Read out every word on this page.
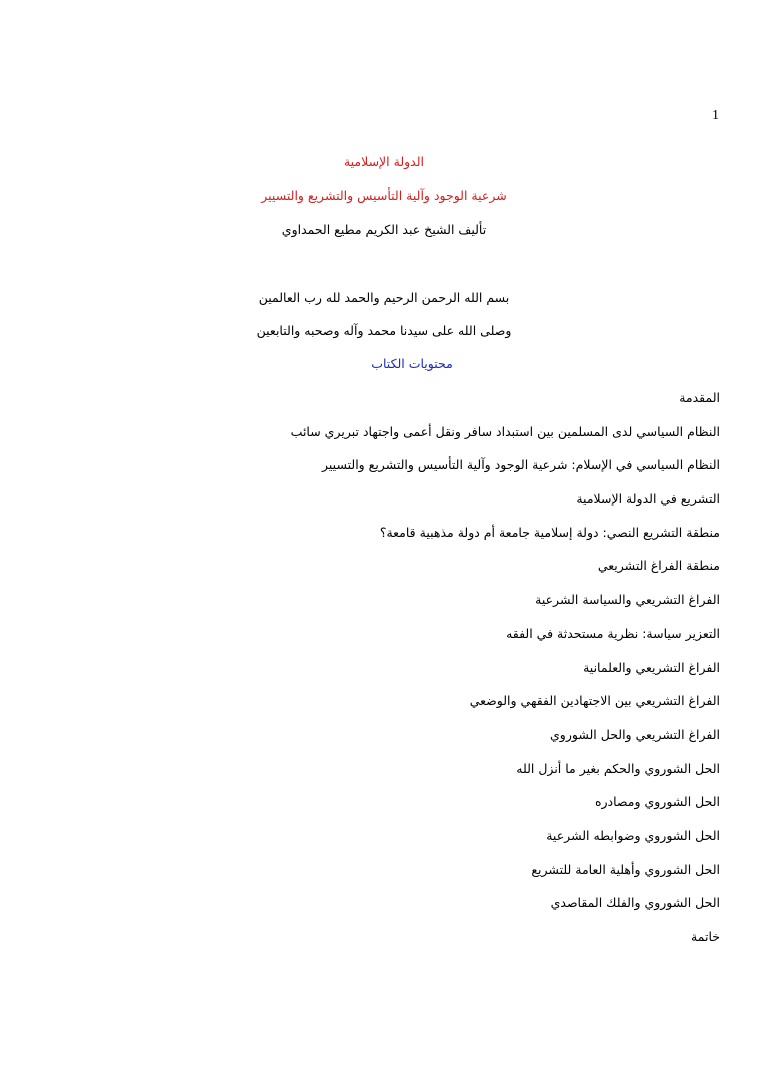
1
الدولة الإسلامية
شرعية الوجود وآلية التأسيس والتشريع والتسيير
تأليف الشيخ عبد الكريم مطيع الحمداوي
بسم الله الرحمن الرحيم والحمد لله رب العالمين
وصلى الله على سيدنا محمد وآله وصحبه والتابعين
محتويات الكتاب
المقدمة
النظام السياسي لدى المسلمين بين استبداد سافر ونقل أعمى واجتهاد تبريري سائب
النظام السياسي في الإسلام: شرعية الوجود وآلية التأسيس والتشريع والتسيير
التشريع في الدولة الإسلامية
منطقة التشريع النصي: دولة إسلامية جامعة أم دولة مذهبية قامعة؟
منطقة الفراغ التشريعي
الفراغ التشريعي والسياسة الشرعية
التعزير سياسة: نظرية مستحدثة في الفقه
الفراغ التشريعي والعلمانية
الفراغ التشريعي بين الاجتهادين الفقهي والوضعي
الفراغ التشريعي والحل الشوروي
الحل الشوروي والحكم بغير ما أنزل الله
الحل الشوروي ومصادره
الحل الشوروي وضوابطه الشرعية
الحل الشوروي وأهلية العامة للتشريع
الحل الشوروي والفلك المقاصدي
خاتمة
